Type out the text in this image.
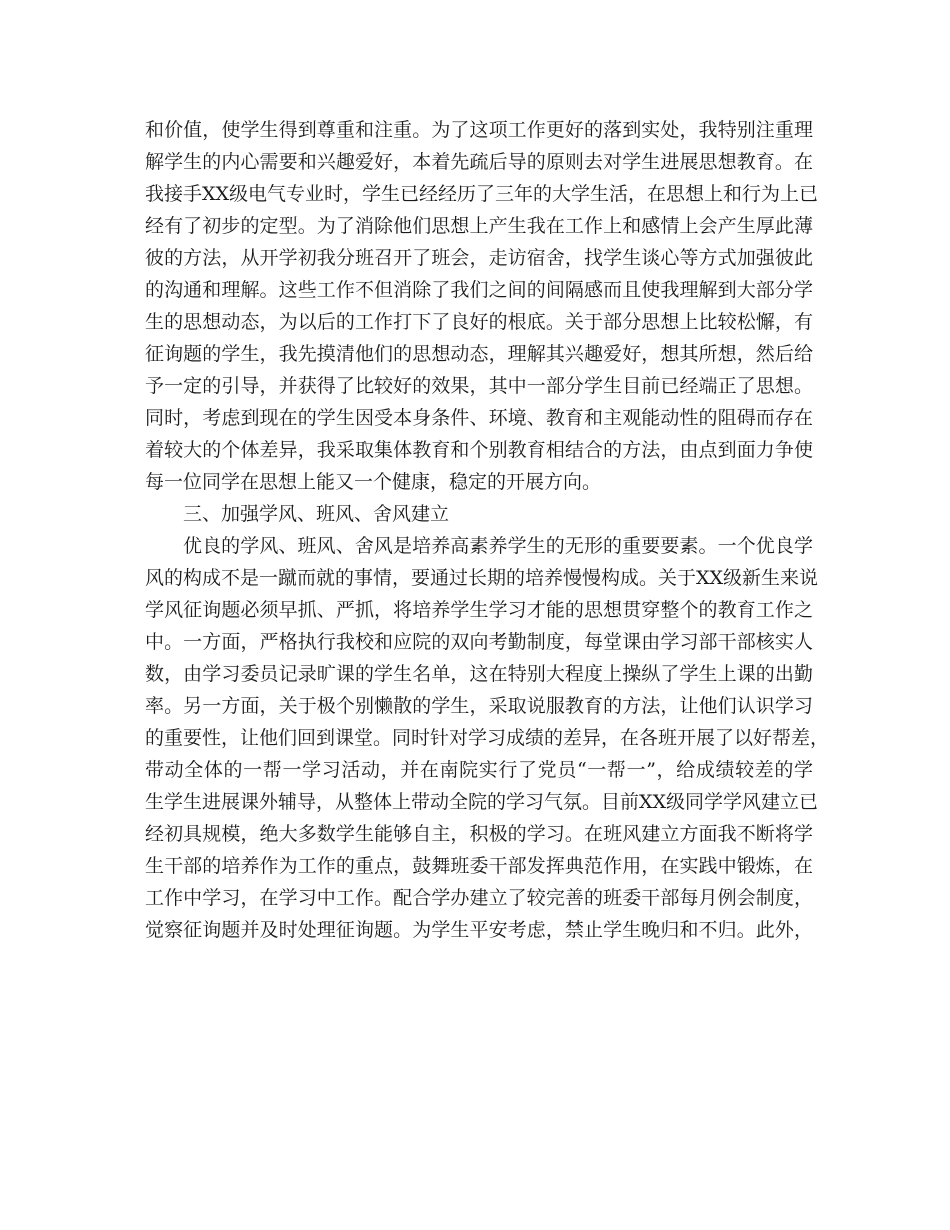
和价值，使学生得到尊重和注重。为了这项工作更好的落到实处，我特别注重理
解学生的内心需要和兴趣爱好，本着先疏后导的原则去对学生进展思想教育。在
我接手XX级电气专业时，学生已经经历了三年的大学生活，在思想上和行为上已
经有了初步的定型。为了消除他们思想上产生我在工作上和感情上会产生厚此薄
彼的方法，从开学初我分班召开了班会，走访宿舍，找学生谈心等方式加强彼此
的沟通和理解。这些工作不但消除了我们之间的间隔感而且使我理解到大部分学
生的思想动态，为以后的工作打下了良好的根底。关于部分思想上比较松懈，有
征询题的学生，我先摸清他们的思想动态，理解其兴趣爱好，想其所想，然后给
予一定的引导，并获得了比较好的效果，其中一部分学生目前已经端正了思想。
同时，考虑到现在的学生因受本身条件、环境、教育和主观能动性的阻碍而存在
着较大的个体差异，我采取集体教育和个别教育相结合的方法，由点到面力争使
每一位同学在思想上能又一个健康，稳定的开展方向。
三、加强学风、班风、舍风建立
优良的学风、班风、舍风是培养高素养学生的无形的重要要素。一个优良学
风的构成不是一蹴而就的事情，要通过长期的培养慢慢构成。关于XX级新生来说
学风征询题必须早抓、严抓，将培养学生学习才能的思想贯穿整个的教育工作之
中。一方面，严格执行我校和应院的双向考勤制度，每堂课由学习部干部核实人
数，由学习委员记录旷课的学生名单，这在特别大程度上操纵了学生上课的出勤
率。另一方面，关于极个别懒散的学生，采取说服教育的方法，让他们认识学习
的重要性，让他们回到课堂。同时针对学习成绩的差异，在各班开展了以好帮差，
带动全体的一帮一学习活动，并在南院实行了党员“一帮一”，给成绩较差的学
生学生进展课外辅导，从整体上带动全院的学习气氛。目前XX级同学学风建立已
经初具规模，绝大多数学生能够自主，积极的学习。在班风建立方面我不断将学
生干部的培养作为工作的重点，鼓舞班委干部发挥典范作用，在实践中锻炼，在
工作中学习，在学习中工作。配合学办建立了较完善的班委干部每月例会制度，
觉察征询题并及时处理征询题。为学生平安考虑，禁止学生晚归和不归。此外，
